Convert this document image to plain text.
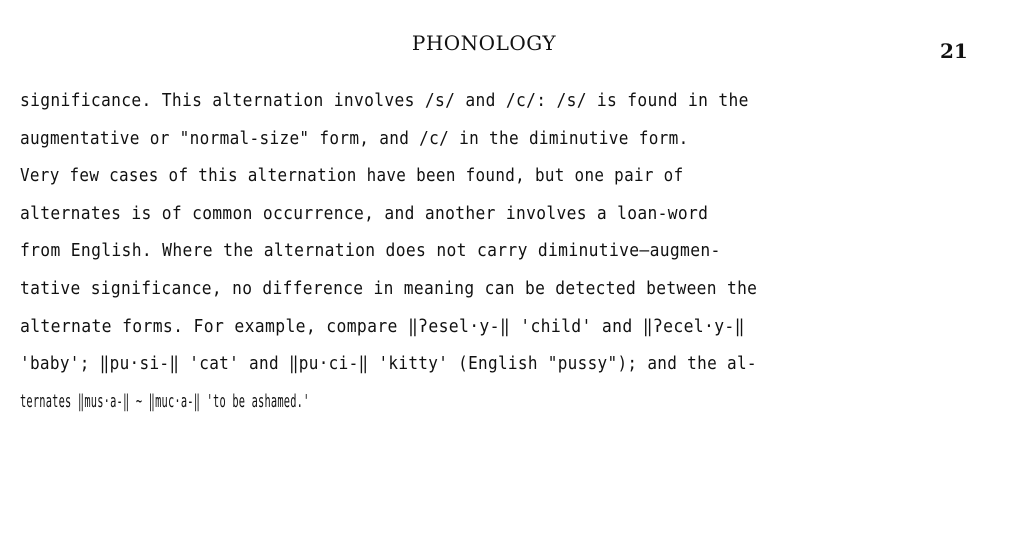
PHONOLOGY	21
significance. This alternation involves /s/ and /c/: /s/ is found in the
augmentative or "normal-size" form, and /c/ in the diminutive form.
Very few cases of this alternation have been found, but one pair of
alternates is of common occurrence, and another involves a loan-word
from English. Where the alternation does not carry diminutive—augmen-
tative significance, no difference in meaning can be detected between the
alternate forms. For example, compare ‖ʔesel·y-‖ 'child' and ‖ʔecel·y-‖
'baby'; ‖pu·si-‖ 'cat' and ‖pu·ci-‖ 'kitty' (English "pussy"); and the al-
ternates ‖mus·a-‖ ~ ‖muc·a-‖ 'to be ashamed.'
